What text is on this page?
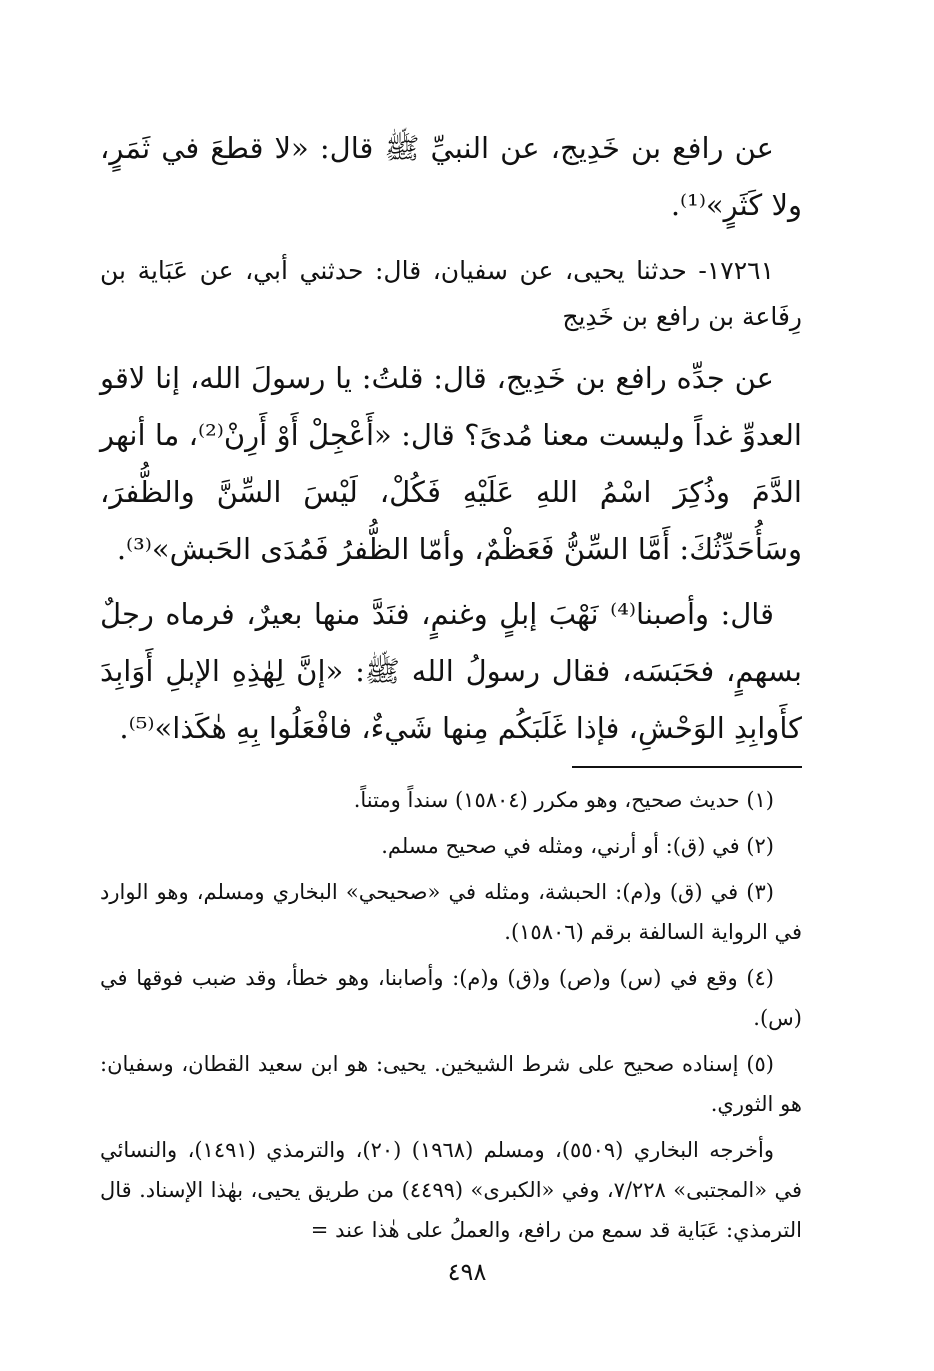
عن رافع بن خَدِيج، عن النبيِّ ﷺ قال: «لا قطعَ في ثَمَرٍ، ولا كَثَرٍ»⁽¹⁾.

١٧٢٦١- حدثنا يحيى، عن سفيان، قال: حدثني أبي، عن عَبَاية بن رِفَاعة بن رافع بن خَدِيج

عن جدِّه رافع بن خَدِيج، قال: قلتُ: يا رسولَ الله، إنا لاقو العدوِّ غداً وليست معنا مُدىً؟ قال: «أَعْجِلْ أَوْ أَرِنْ⁽²⁾، ما أنهر الدَّمَ وذُكِرَ اسْمُ اللهِ عَلَيْهِ فَكُلْ، لَيْسَ السِّنَّ والظُّفرَ، وسَأُحَدِّثُكَ: أَمَّا السِّنُّ فَعَظْمٌ، وأمّا الظُّفرُ فَمُدَى الحَبش»⁽³⁾.

قال: وأصبنا⁽⁴⁾ نَهْبَ إبلٍ وغنمٍ، فنَدَّ منها بعيرٌ، فرماه رجلٌ بسهمٍ، فحَبَسَه، فقال رسولُ الله ﷺ: «إنَّ لِهٰذِهِ الإبلِ أَوَابِدَ كأَوابِدِ الوَحْشِ، فإذا غَلَبَكُم مِنها شَيءٌ، فافْعَلُوا بِهِ هٰكَذا»⁽⁵⁾.

(١) حديث صحيح، وهو مكرر (١٥٨٠٤) سنداً ومتناً.

(٢) في (ق): أو أرني، ومثله في صحيح مسلم.

(٣) في (ق) و(م): الحبشة، ومثله في «صحيحي» البخاري ومسلم، وهو الوارد في الرواية السالفة برقم (١٥٨٠٦).

(٤) وقع في (س) و(ص) و(ق) و(م): وأصابنا، وهو خطأ، وقد ضبب فوقها في (س).

(٥) إسناده صحيح على شرط الشيخين. يحيى: هو ابن سعيد القطان، وسفيان: هو الثوري.

وأخرجه البخاري (٥٥٠٩)، ومسلم (١٩٦٨) (٢٠)، والترمذي (١٤٩١)، والنسائي في «المجتبى» ٧/٢٢٨، وفي «الكبرى» (٤٤٩٩) من طريق يحيى، بهٰذا الإسناد. قال الترمذي: عَبَاية قد سمع من رافع، والعملُ على هٰذا عند =

٤٩٨
